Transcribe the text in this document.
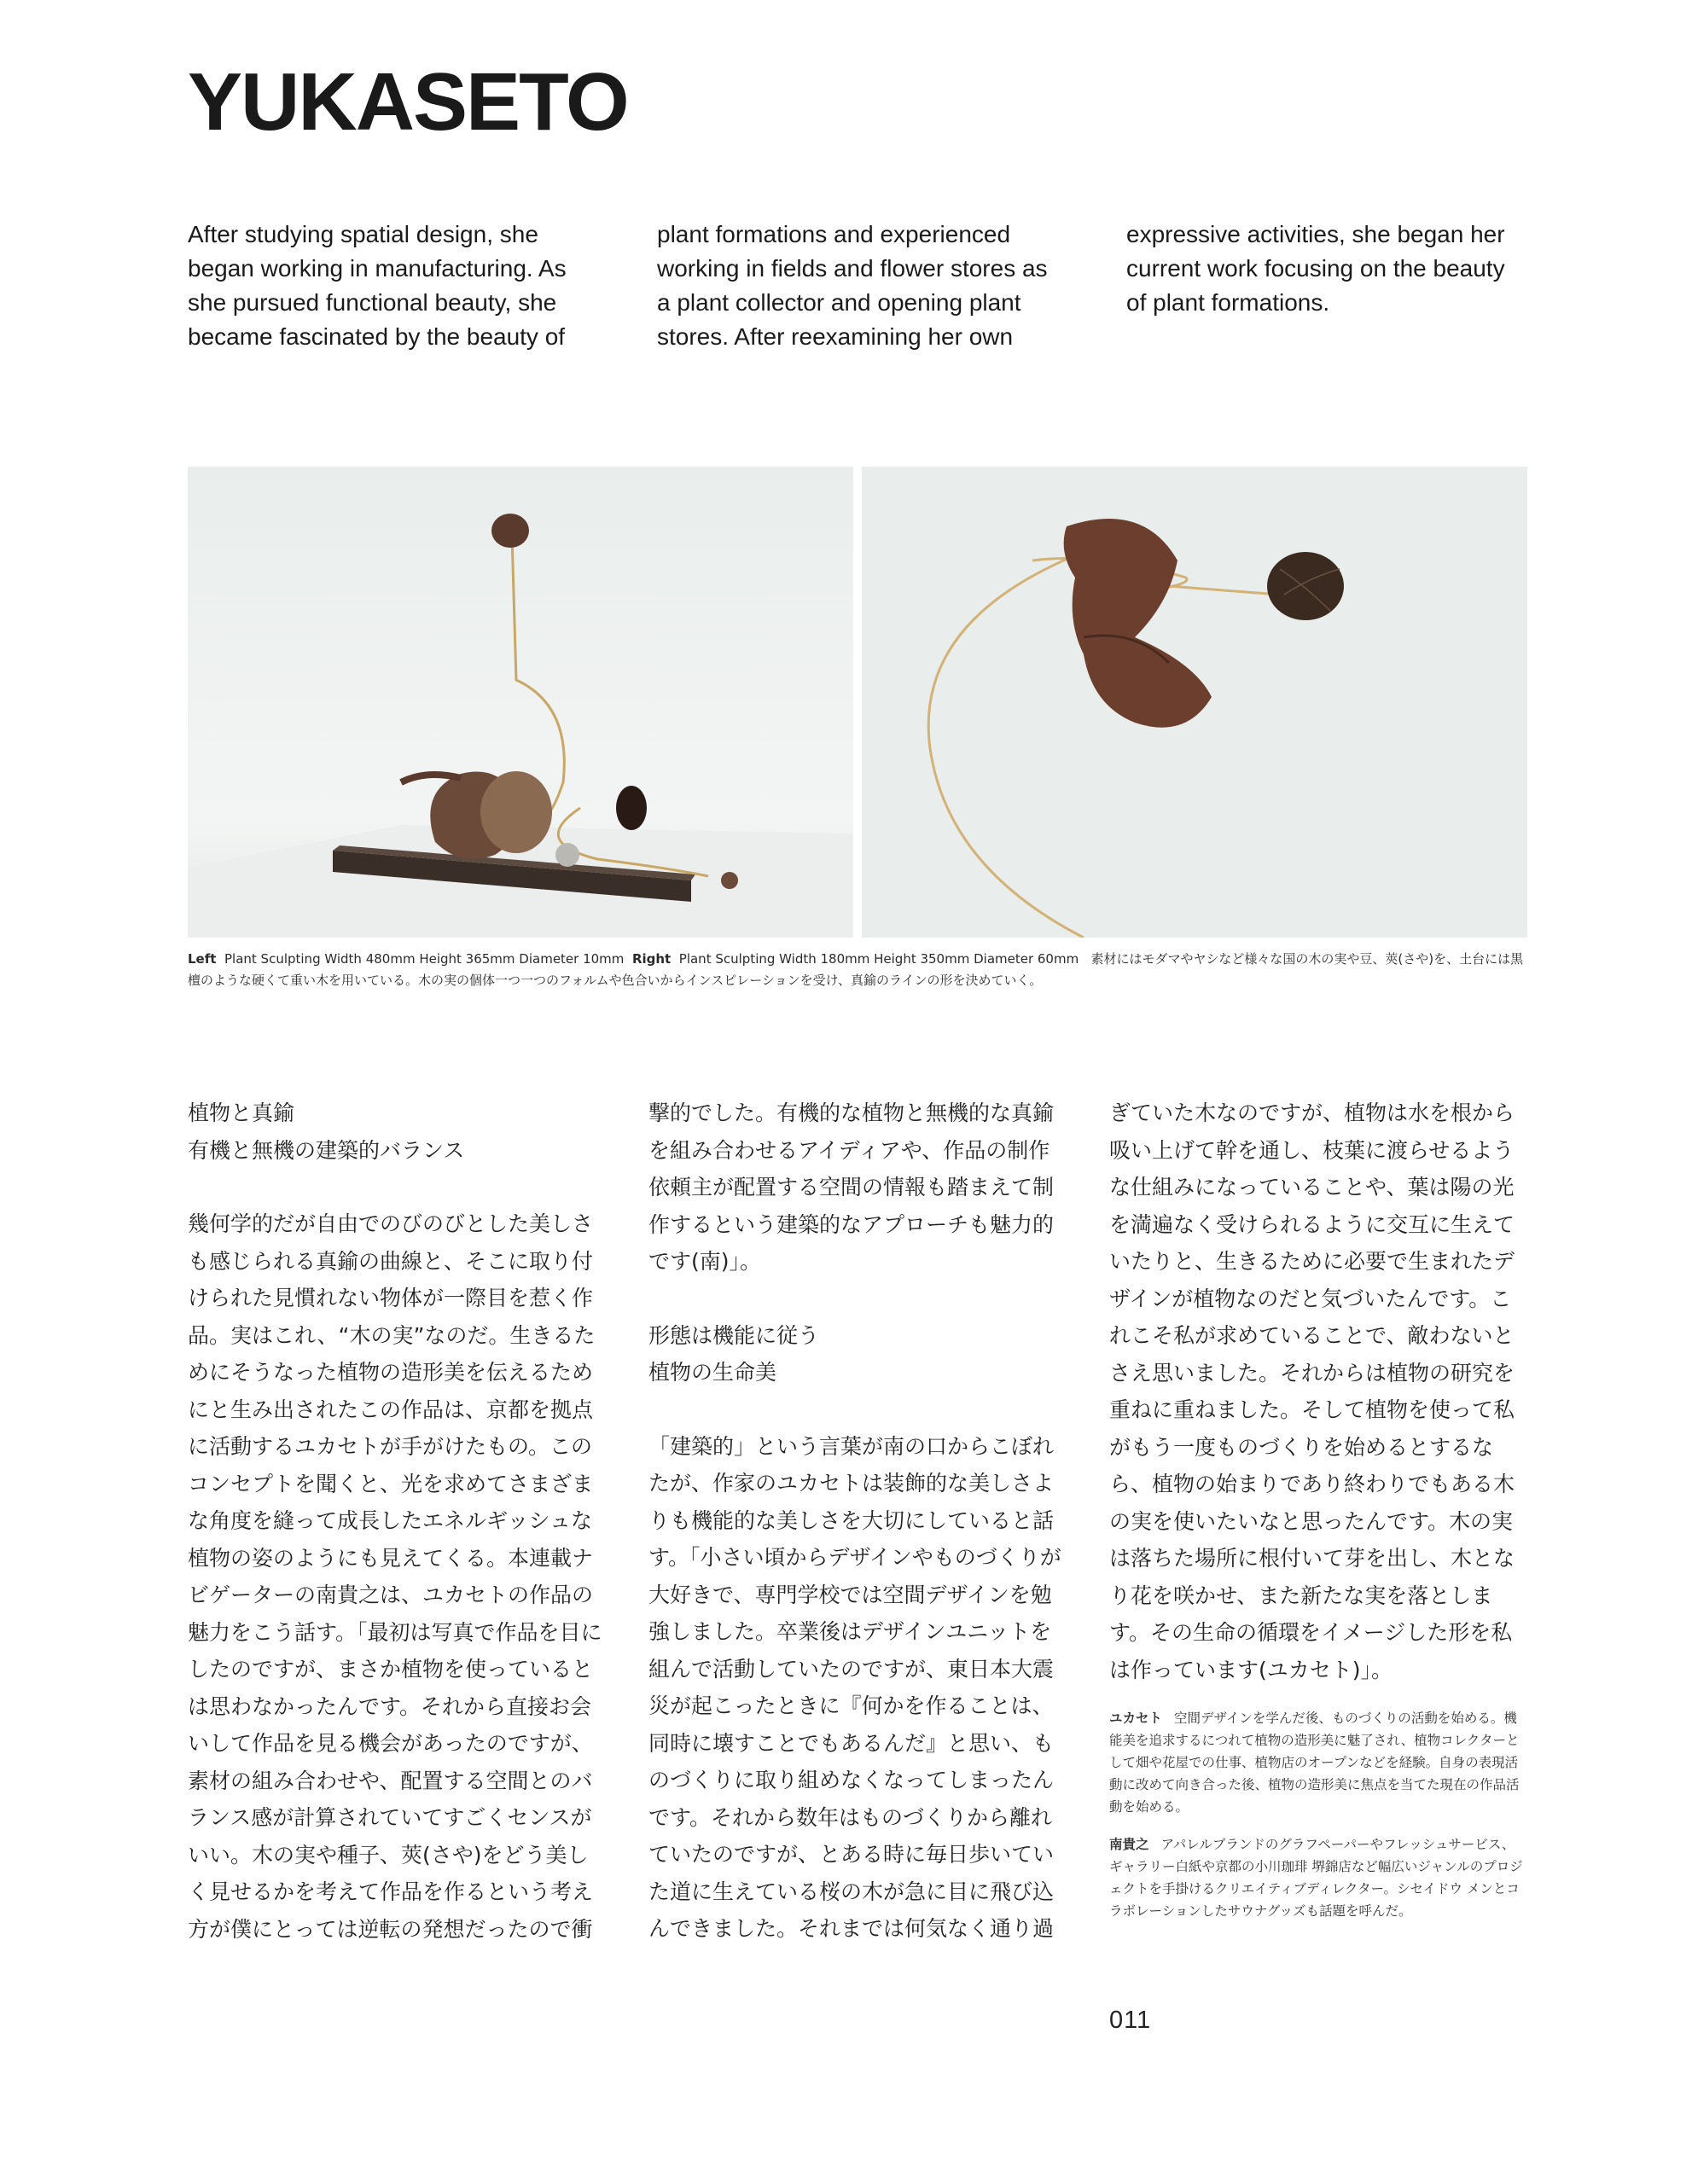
YUKASETO

After studying spatial design, she began working in manufacturing. As she pursued functional beauty, she became fascinated by the beauty of

plant formations and experienced working in fields and flower stores as a plant collector and opening plant stores. After reexamining her own

expressive activities, she began her current work focusing on the beauty of plant formations.

Left Plant Sculpting Width 480mm Height 365mm Diameter 10mm Right Plant Sculpting Width 180mm Height 350mm Diameter 60mm 素材にはモダマやヤシなど様々な国の木の実や豆、莢(さや)を、土台には黒檀のような硬くて重い木を用いている。木の実の個体一つ一つのフォルムや色合いからインスピレーションを受け、真鍮のラインの形を決めていく。

植物と真鍮
有機と無機の建築的バランス

幾何学的だが自由でのびのびとした美しさも感じられる真鍮の曲線と、そこに取り付けられた見慣れない物体が一際目を惹く作品。実はこれ、“木の実”なのだ。生きるためにそうなった植物の造形美を伝えるためにと生み出されたこの作品は、京都を拠点に活動するユカセトが手がけたもの。このコンセプトを聞くと、光を求めてさまざまな角度を縫って成長したエネルギッシュな植物の姿のようにも見えてくる。本連載ナビゲーターの南貴之は、ユカセトの作品の魅力をこう話す。「最初は写真で作品を目にしたのですが、まさか植物を使っているとは思わなかったんです。それから直接お会いして作品を見る機会があったのですが、素材の組み合わせや、配置する空間とのバランス感が計算されていてすごくセンスがいい。木の実や種子、莢(さや)をどう美しく見せるかを考えて作品を作るという考え方が僕にとっては逆転の発想だったので衝

撃的でした。有機的な植物と無機的な真鍮を組み合わせるアイディアや、作品の制作依頼主が配置する空間の情報も踏まえて制作するという建築的なアプローチも魅力的です(南)」。

形態は機能に従う
植物の生命美

「建築的」という言葉が南の口からこぼれたが、作家のユカセトは装飾的な美しさよりも機能的な美しさを大切にしていると話す。「小さい頃からデザインやものづくりが大好きで、専門学校では空間デザインを勉強しました。卒業後はデザインユニットを組んで活動していたのですが、東日本大震災が起こったときに『何かを作ることは、同時に壊すことでもあるんだ』と思い、ものづくりに取り組めなくなってしまったんです。それから数年はものづくりから離れていたのですが、とある時に毎日歩いていた道に生えている桜の木が急に目に飛び込んできました。それまでは何気なく通り過

ぎていた木なのですが、植物は水を根から吸い上げて幹を通し、枝葉に渡らせるような仕組みになっていることや、葉は陽の光を満遍なく受けられるように交互に生えていたりと、生きるために必要で生まれたデザインが植物なのだと気づいたんです。これこそ私が求めていることで、敵わないとさえ思いました。それからは植物の研究を重ねに重ねました。そして植物を使って私がもう一度ものづくりを始めるとするなら、植物の始まりであり終わりでもある木の実を使いたいなと思ったんです。木の実は落ちた場所に根付いて芽を出し、木となり花を咲かせ、また新たな実を落とします。その生命の循環をイメージした形を私は作っています(ユカセト)」。

ユカセト 空間デザインを学んだ後、ものづくりの活動を始める。機能美を追求するにつれて植物の造形美に魅了され、植物コレクターとして畑や花屋での仕事、植物店のオープンなどを経験。自身の表現活動に改めて向き合った後、植物の造形美に焦点を当てた現在の作品活動を始める。

南貴之 アパレルブランドのグラフペーパーやフレッシュサービス、ギャラリー白紙や京都の小川珈琲 堺錦店など幅広いジャンルのプロジェクトを手掛けるクリエイティブディレクター。シセイドウ メンとコラボレーションしたサウナグッズも話題を呼んだ。

011
